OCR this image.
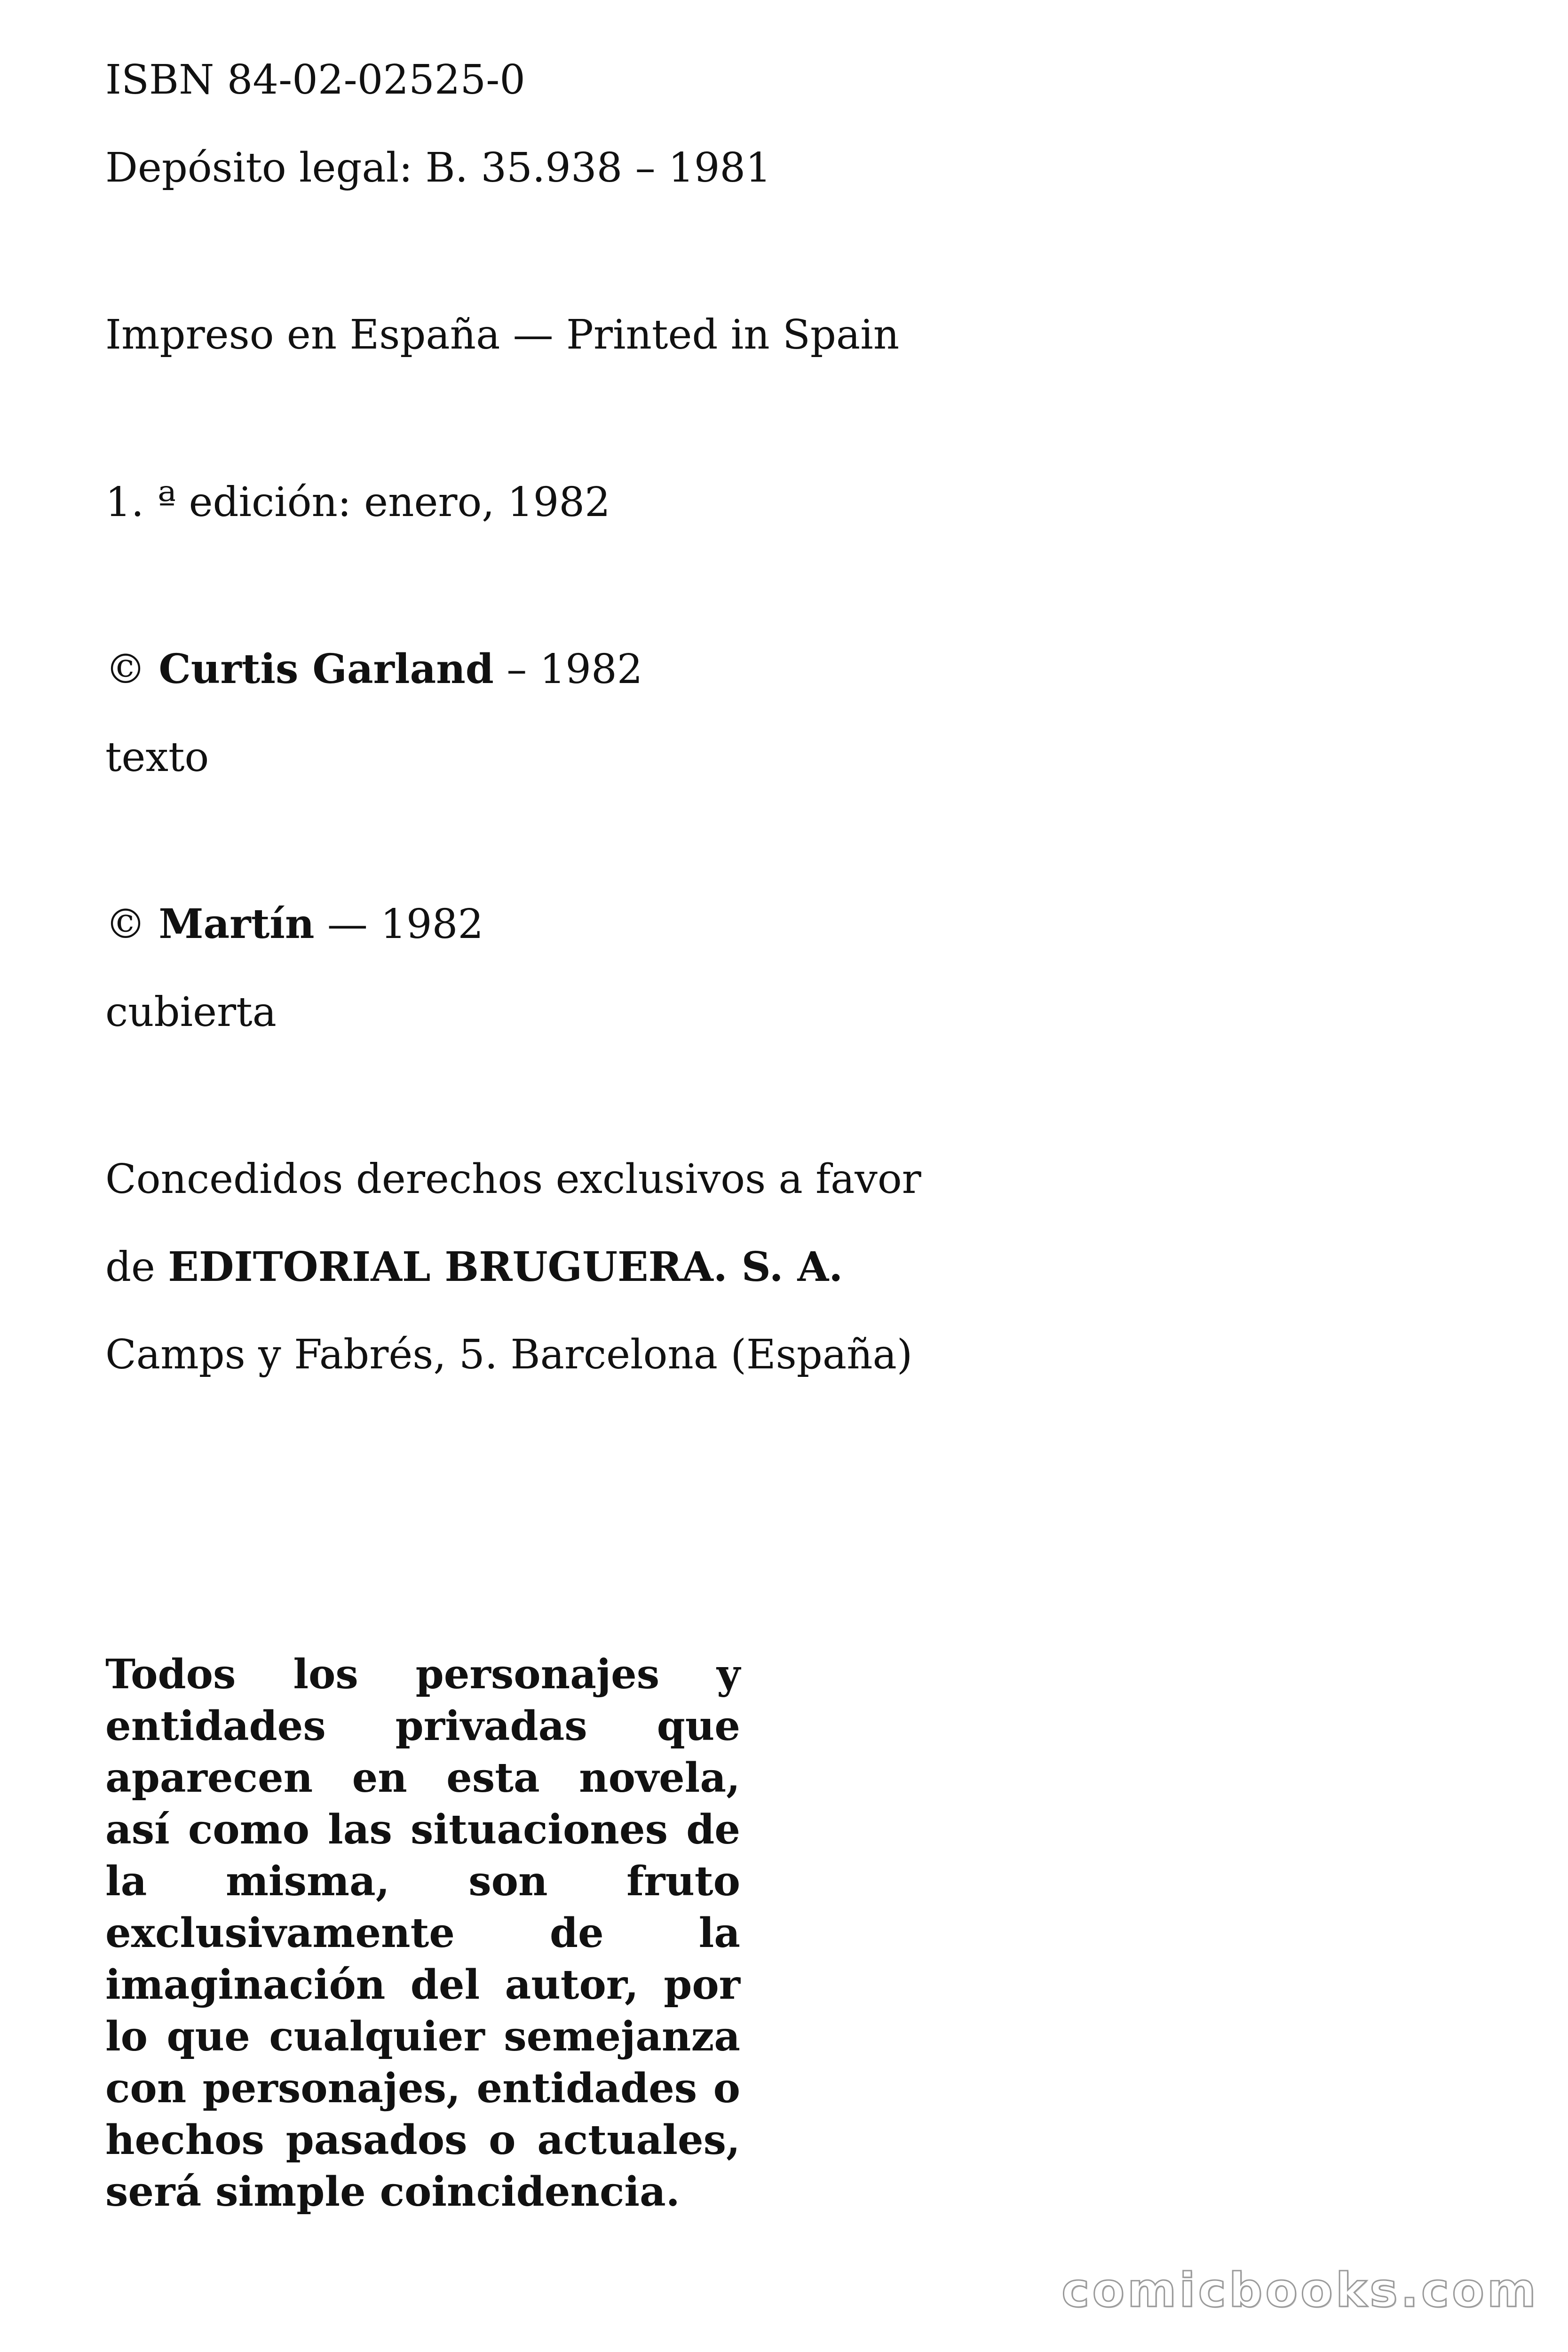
ISBN 84-02-02525-0
Depósito legal: B. 35.938 – 1981
Impreso en España — Printed in Spain
1. ª edición: enero, 1982
© Curtis Garland – 1982
texto
© Martín — 1982
cubierta
Concedidos derechos exclusivos a favor
de EDITORIAL BRUGUERA. S. A.
Camps y Fabrés, 5. Barcelona (España)
Todos los personajes y entidades privadas que aparecen en esta novela, así como las situaciones de la misma, son fruto exclusivamente de la imaginación del autor, por lo que cualquier semejanza con personajes, entidades o hechos pasados o actuales, será simple coincidencia.
comicbooks.com
